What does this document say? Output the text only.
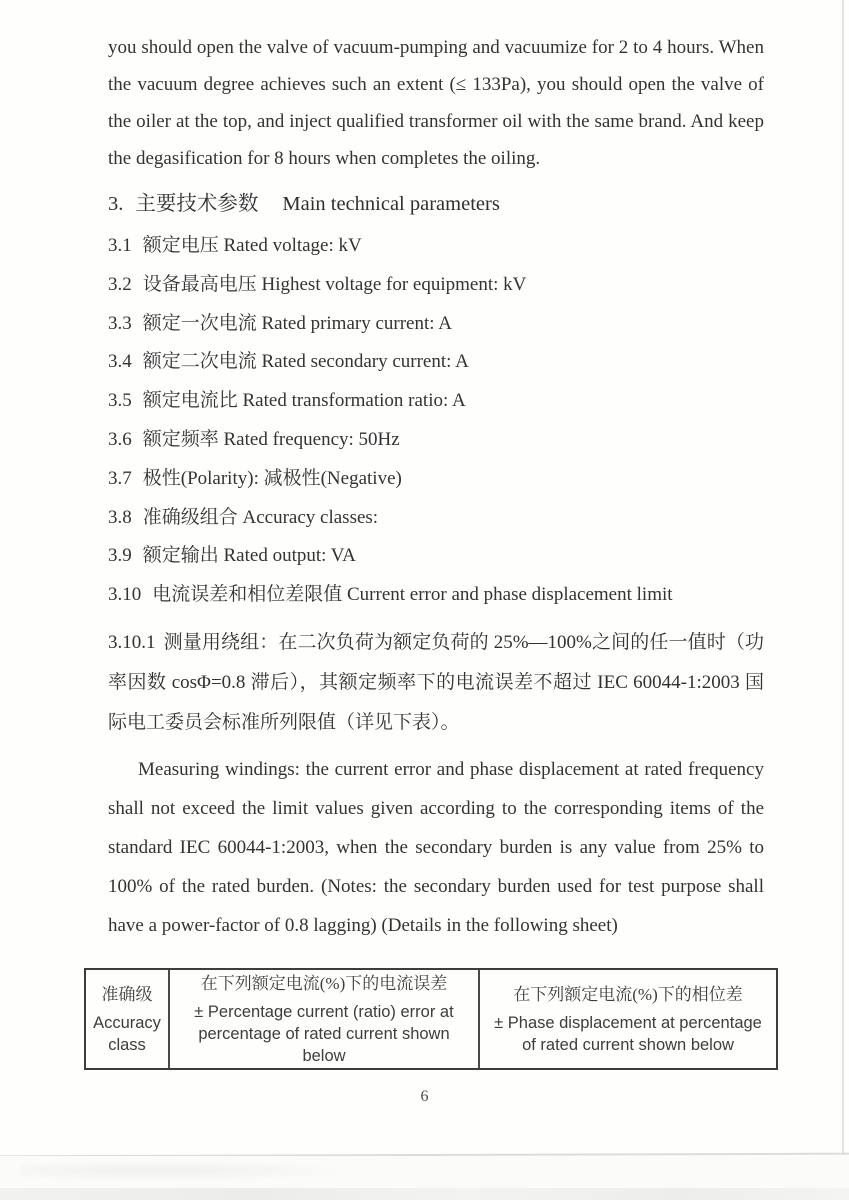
you should open the valve of vacuum-pumping and vacuumize for 2 to 4 hours. When the vacuum degree achieves such an extent (≤ 133Pa), you should open the valve of the oiler at the top, and inject qualified transformer oil with the same brand. And keep the degasification for 8 hours when completes the oiling.

3. 主要技术参数 Main technical parameters
3.1 额定电压 Rated voltage: kV
3.2 设备最高电压 Highest voltage for equipment: kV
3.3 额定一次电流 Rated primary current: A
3.4 额定二次电流 Rated secondary current: A
3.5 额定电流比 Rated transformation ratio: A
3.6 额定频率 Rated frequency: 50Hz
3.7 极性(Polarity): 减极性(Negative)
3.8 准确级组合 Accuracy classes:
3.9 额定输出 Rated output: VA
3.10 电流误差和相位差限值 Current error and phase displacement limit

3.10.1 测量用绕组：在二次负荷为额定负荷的 25%—100%之间的任一值时（功率因数 cosΦ=0.8 滞后），其额定频率下的电流误差不超过 IEC 60044-1:2003 国际电工委员会标准所列限值（详见下表）。

Measuring windings: the current error and phase displacement at rated frequency shall not exceed the limit values given according to the corresponding items of the standard IEC 60044-1:2003, when the secondary burden is any value from 25% to 100% of the rated burden. (Notes: the secondary burden used for test purpose shall have a power-factor of 0.8 lagging) (Details in the following sheet)

准确级
Accuracy class
在下列额定电流(%)下的电流误差
± Percentage current (ratio) error at percentage of rated current shown below
在下列额定电流(%)下的相位差
± Phase displacement at percentage of rated current shown below
6
